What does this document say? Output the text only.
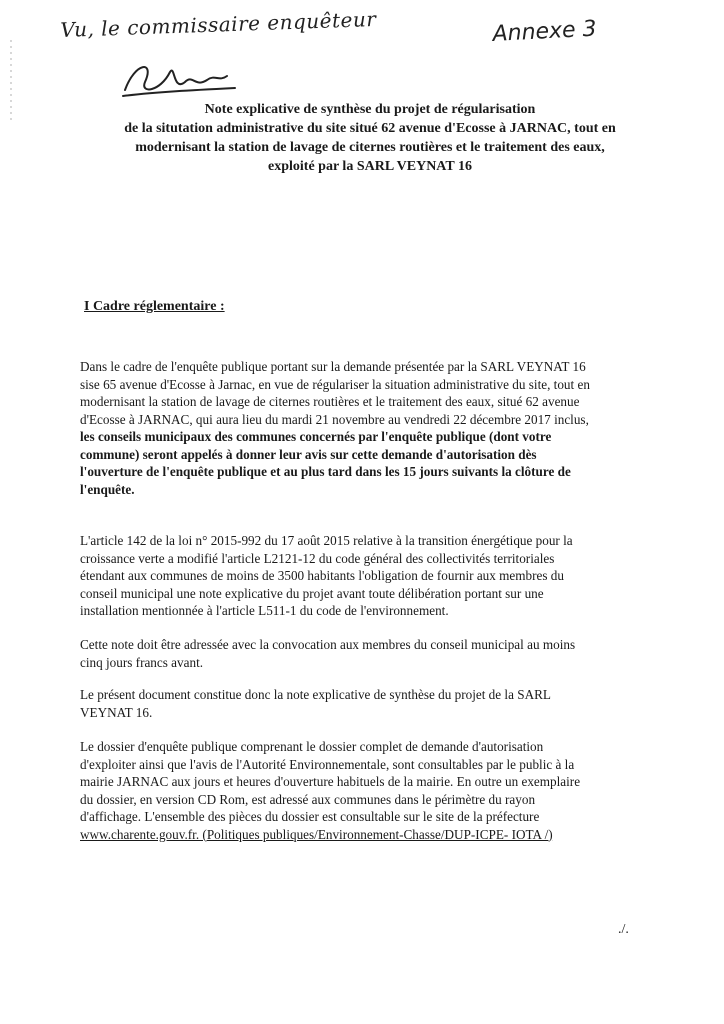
Vu, le commissaire enquêteur	Annexe 3
Note explicative de synthèse du projet de régularisation
de la situtation administrative du site situé 62 avenue d'Ecosse à JARNAC, tout en
modernisant la station de lavage de citernes routières et le traitement des eaux,
exploité par la SARL VEYNAT 16
I Cadre réglementaire :
Dans le cadre de l'enquête publique portant sur la demande présentée par la SARL VEYNAT 16
sise 65 avenue d'Ecosse à Jarnac, en vue de régulariser la situation administrative du site, tout en
modernisant la station de lavage de citernes routières et le traitement des eaux, situé 62 avenue
d'Ecosse à JARNAC, qui aura lieu du mardi 21 novembre au vendredi 22 décembre 2017 inclus,
les conseils municipaux des communes concernés par l'enquête publique (dont votre
commune) seront appelés à donner leur avis sur cette demande d'autorisation dès
l'ouverture de l'enquête publique et au plus tard dans les 15 jours suivants la clôture de
l'enquête.
L'article 142 de la loi n° 2015-992 du 17 août 2015 relative à la transition énergétique pour la
croissance verte a modifié l'article L2121-12 du code général des collectivités territoriales
étendant aux communes de moins de 3500 habitants l'obligation de fournir aux membres du
conseil municipal une note explicative du projet avant toute délibération portant sur une
installation mentionnée à l'article L511-1 du code de l'environnement.
Cette note doit être adressée avec la convocation aux membres du conseil municipal au moins
cinq jours francs avant.
Le présent document constitue donc la note explicative de synthèse du projet de la SARL
VEYNAT 16.
Le dossier d'enquête publique comprenant le dossier complet de demande d'autorisation
d'exploiter ainsi que l'avis de l'Autorité Environnementale, sont consultables par le public à la
mairie JARNAC aux jours et heures d'ouverture habituels de la mairie. En outre un exemplaire
du dossier, en version CD Rom, est adressé aux communes dans le périmètre du rayon
d'affichage. L'ensemble des pièces du dossier est consultable sur le site de la préfecture
www.charente.gouv.fr. (Politiques publiques/Environnement-Chasse/DUP-ICPE- IOTA /)
./.
